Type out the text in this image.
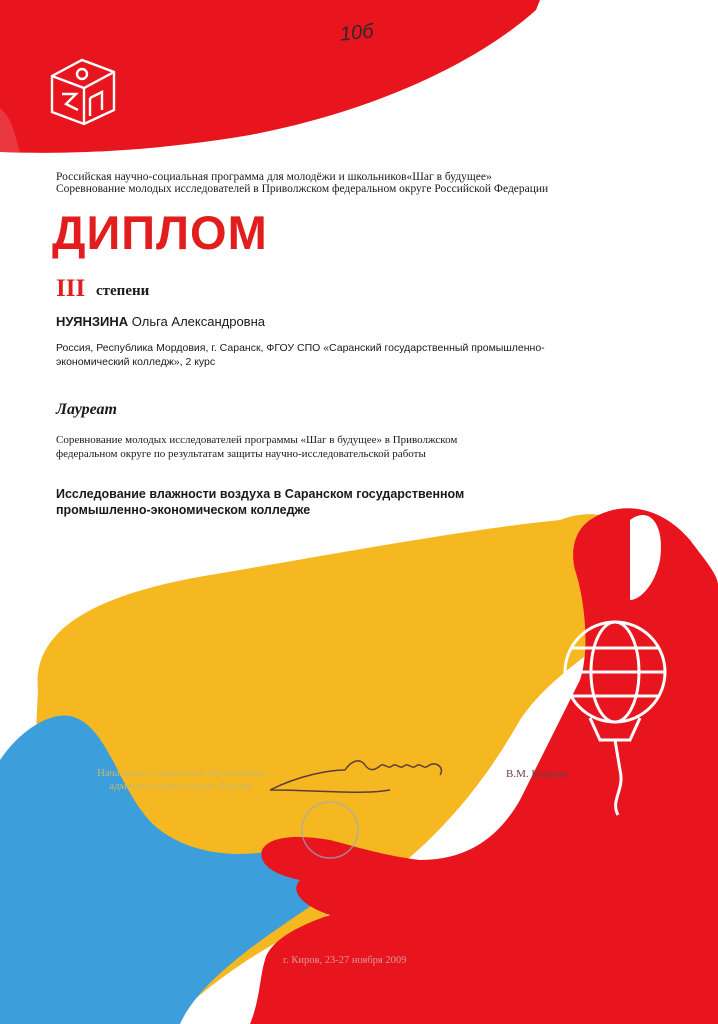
10б

Российская научно-социальная программа для молодёжи и школьников«Шаг в будущее»

Соревнование молодых исследователей в Приволжском федеральном округе Российской Федерации

ДИПЛОМ
III степени
НУЯНЗИНА Ольга Александровна

Россия, Республика Мордовия, г. Саранск, ФГОУ СПО «Саранский государственный промышленно-экономический колледж», 2 курс

Лауреат

Соревнование молодых исследователей программы «Шаг в будущее» в Приволжском федеральном округе по результатам защиты научно-исследовательской работы

Исследование влажности воздуха в Саранском государственном промышленно-экономическом колледже

Начальник управления образования
администрации города Кирова
В.М. Кощеев
г. Киров, 23-27 ноября 2009
